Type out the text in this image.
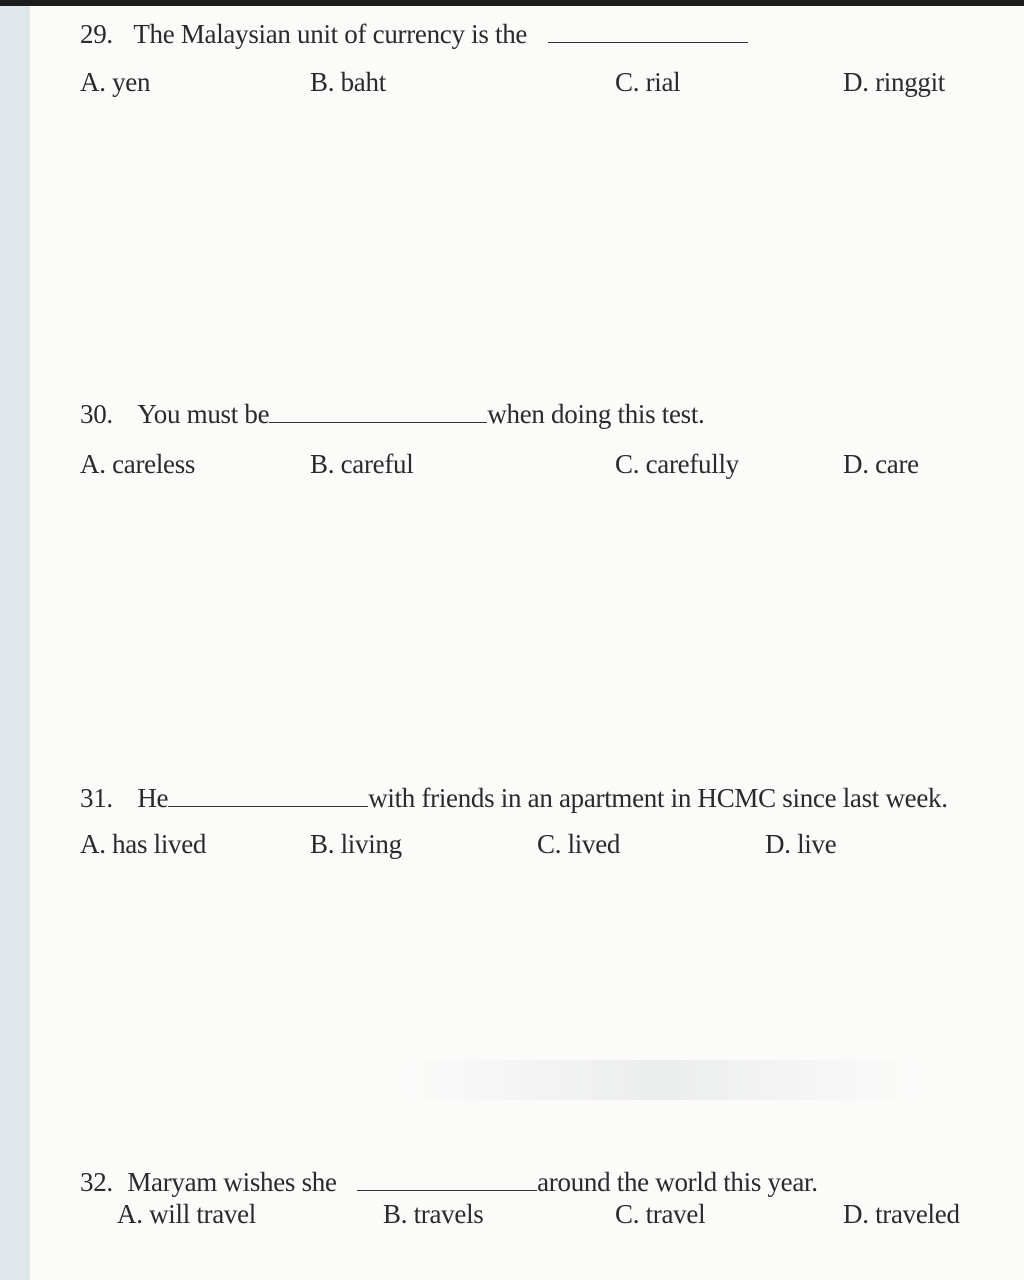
29. The Malaysian unit of currency is the
A. yen	B. baht	C. rial	D. ringgit
30. You must be	when doing this test.
A. careless	B. careful	C. carefully	D. care
31. He	with friends in an apartment in HCMC since last week.
A. has lived	B. living	C. lived	D. live
32. Maryam wishes she	around the world this year.
A. will travel	B. travels	C. travel	D. traveled
